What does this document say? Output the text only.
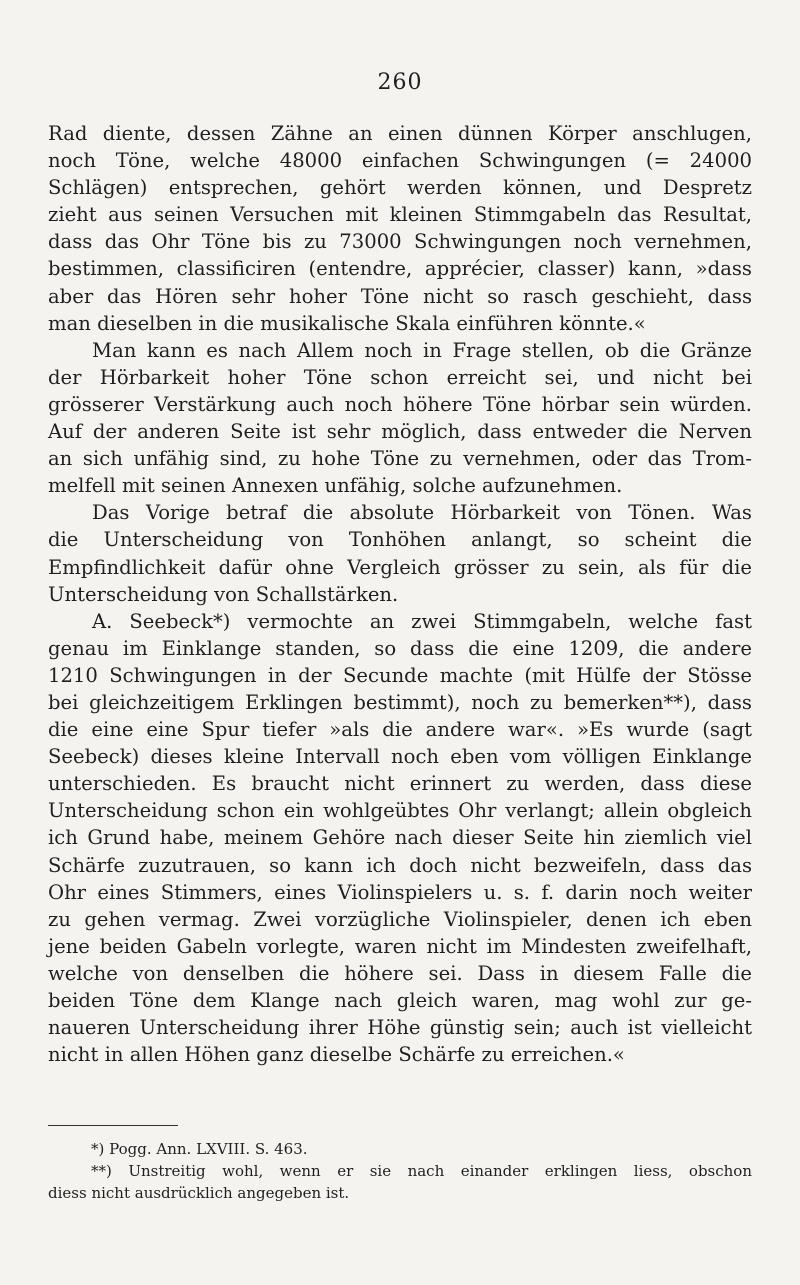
260
Rad diente, dessen Zähne an einen dünnen Körper anschlugen,
noch Töne, welche 48000 einfachen Schwingungen (= 24000
Schlägen) entsprechen, gehört werden können, und Despretz
zieht aus seinen Versuchen mit kleinen Stimmgabeln das Resultat,
dass das Ohr Töne bis zu 73000 Schwingungen noch vernehmen,
bestimmen, classificiren (entendre, apprécier, classer) kann, »dass
aber das Hören sehr hoher Töne nicht so rasch geschieht, dass
man dieselben in die musikalische Skala einführen könnte.«
Man kann es nach Allem noch in Frage stellen, ob die Gränze
der Hörbarkeit hoher Töne schon erreicht sei, und nicht bei
grösserer Verstärkung auch noch höhere Töne hörbar sein würden.
Auf der anderen Seite ist sehr möglich, dass entweder die Nerven
an sich unfähig sind, zu hohe Töne zu vernehmen, oder das Trom-
melfell mit seinen Annexen unfähig, solche aufzunehmen.
Das Vorige betraf die absolute Hörbarkeit von Tönen. Was
die Unterscheidung von Tonhöhen anlangt, so scheint die
Empfindlichkeit dafür ohne Vergleich grösser zu sein, als für die
Unterscheidung von Schallstärken.
A. Seebeck*) vermochte an zwei Stimmgabeln, welche fast
genau im Einklange standen, so dass die eine 1209, die andere
1210 Schwingungen in der Secunde machte (mit Hülfe der Stösse
bei gleichzeitigem Erklingen bestimmt), noch zu bemerken**), dass
die eine eine Spur tiefer »als die andere war«. »Es wurde (sagt
Seebeck) dieses kleine Intervall noch eben vom völligen Einklange
unterschieden. Es braucht nicht erinnert zu werden, dass diese
Unterscheidung schon ein wohlgeübtes Ohr verlangt; allein obgleich
ich Grund habe, meinem Gehöre nach dieser Seite hin ziemlich viel
Schärfe zuzutrauen, so kann ich doch nicht bezweifeln, dass das
Ohr eines Stimmers, eines Violinspielers u. s. f. darin noch weiter
zu gehen vermag. Zwei vorzügliche Violinspieler, denen ich eben
jene beiden Gabeln vorlegte, waren nicht im Mindesten zweifelhaft,
welche von denselben die höhere sei. Dass in diesem Falle die
beiden Töne dem Klange nach gleich waren, mag wohl zur ge-
naueren Unterscheidung ihrer Höhe günstig sein; auch ist vielleicht
nicht in allen Höhen ganz dieselbe Schärfe zu erreichen.«
*) Pogg. Ann. LXVIII. S. 463.
**) Unstreitig wohl, wenn er sie nach einander erklingen liess, obschon
diess nicht ausdrücklich angegeben ist.
